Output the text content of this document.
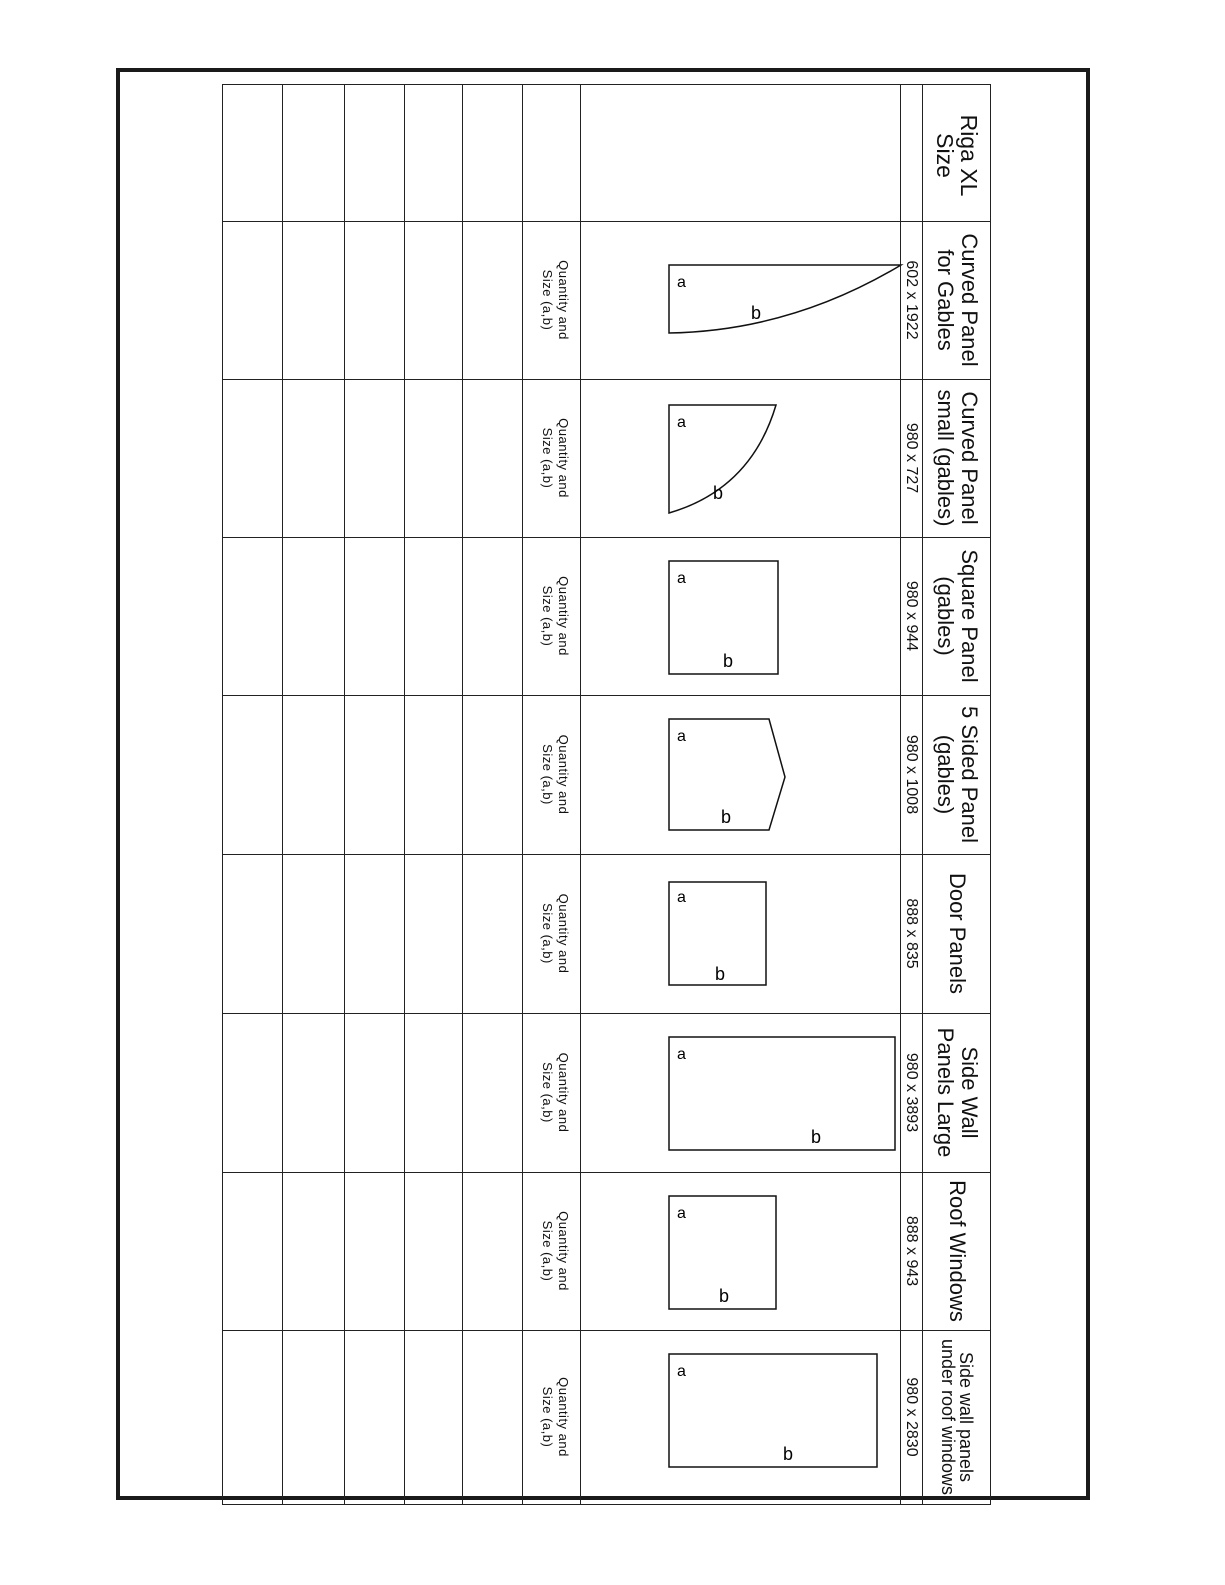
Riga XL Size
Curved Panel for Gables
Curved Panel small (gables)
Square Panel (gables)
5 Sided Panel (gables)
Door Panels
Side Wall Panels Large
Roof Windows
Side wall panels under roof windows
602 x 1922
980 x 727
980 x 944
980 x 1008
888 x 835
980 x 3893
888 x 943
980 x 2830
a
b
a
b
a
b
a
b
a
b
a
b
a
b
a
b
Quantity and
Size (a,b)
Quantity and
Size (a,b)
Quantity and
Size (a,b)
Quantity and
Size (a,b)
Quantity and
Size (a,b)
Quantity and
Size (a,b)
Quantity and
Size (a,b)
Quantity and
Size (a,b)
